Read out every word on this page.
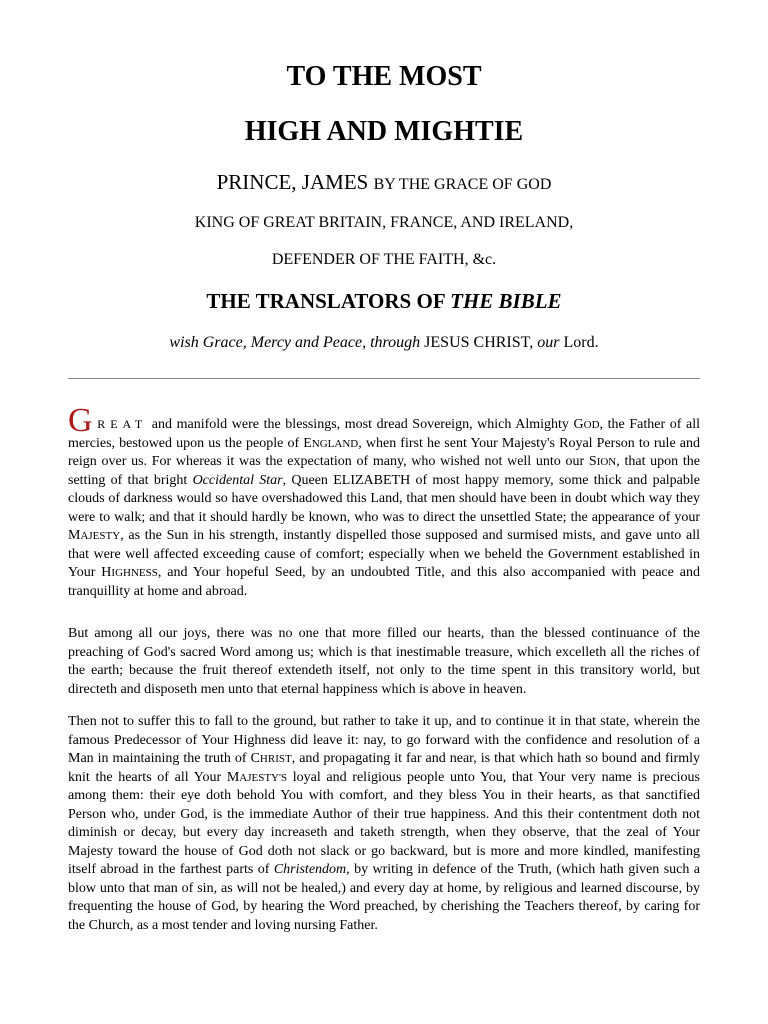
TO THE MOST
HIGH AND MIGHTIE
PRINCE, JAMES BY THE GRACE OF GOD
KING OF GREAT BRITAIN, FRANCE, AND IRELAND,
DEFENDER OF THE FAITH, &c.
THE TRANSLATORS OF THE BIBLE
wish Grace, Mercy and Peace, through JESUS CHRIST, our Lord.
G REAT and manifold were the blessings, most dread Sovereign, which Almighty GOD, the Father of all mercies, bestowed upon us the people of ENGLAND, when first he sent Your Majesty's Royal Person to rule and reign over us. For whereas it was the expectation of many, who wished not well unto our SION, that upon the setting of that bright Occidental Star, Queen ELIZABETH of most happy memory, some thick and palpable clouds of darkness would so have overshadowed this Land, that men should have been in doubt which way they were to walk; and that it should hardly be known, who was to direct the unsettled State; the appearance of your MAJESTY, as the Sun in his strength, instantly dispelled those supposed and surmised mists, and gave unto all that were well affected exceeding cause of comfort; especially when we beheld the Government established in Your HIGHNESS, and Your hopeful Seed, by an undoubted Title, and this also accompanied with peace and tranquillity at home and abroad.
But among all our joys, there was no one that more filled our hearts, than the blessed continuance of the preaching of God's sacred Word among us; which is that inestimable treasure, which excelleth all the riches of the earth; because the fruit thereof extendeth itself, not only to the time spent in this transitory world, but directeth and disposeth men unto that eternal happiness which is above in heaven.
Then not to suffer this to fall to the ground, but rather to take it up, and to continue it in that state, wherein the famous Predecessor of Your Highness did leave it: nay, to go forward with the confidence and resolution of a Man in maintaining the truth of CHRIST, and propagating it far and near, is that which hath so bound and firmly knit the hearts of all Your MAJESTY'S loyal and religious people unto You, that Your very name is precious among them: their eye doth behold You with comfort, and they bless You in their hearts, as that sanctified Person who, under God, is the immediate Author of their true happiness. And this their contentment doth not diminish or decay, but every day increaseth and taketh strength, when they observe, that the zeal of Your Majesty toward the house of God doth not slack or go backward, but is more and more kindled, manifesting itself abroad in the farthest parts of Christendom, by writing in defence of the Truth, (which hath given such a blow unto that man of sin, as will not be healed,) and every day at home, by religious and learned discourse, by frequenting the house of God, by hearing the Word preached, by cherishing the Teachers thereof, by caring for the Church, as a most tender and loving nursing Father.
